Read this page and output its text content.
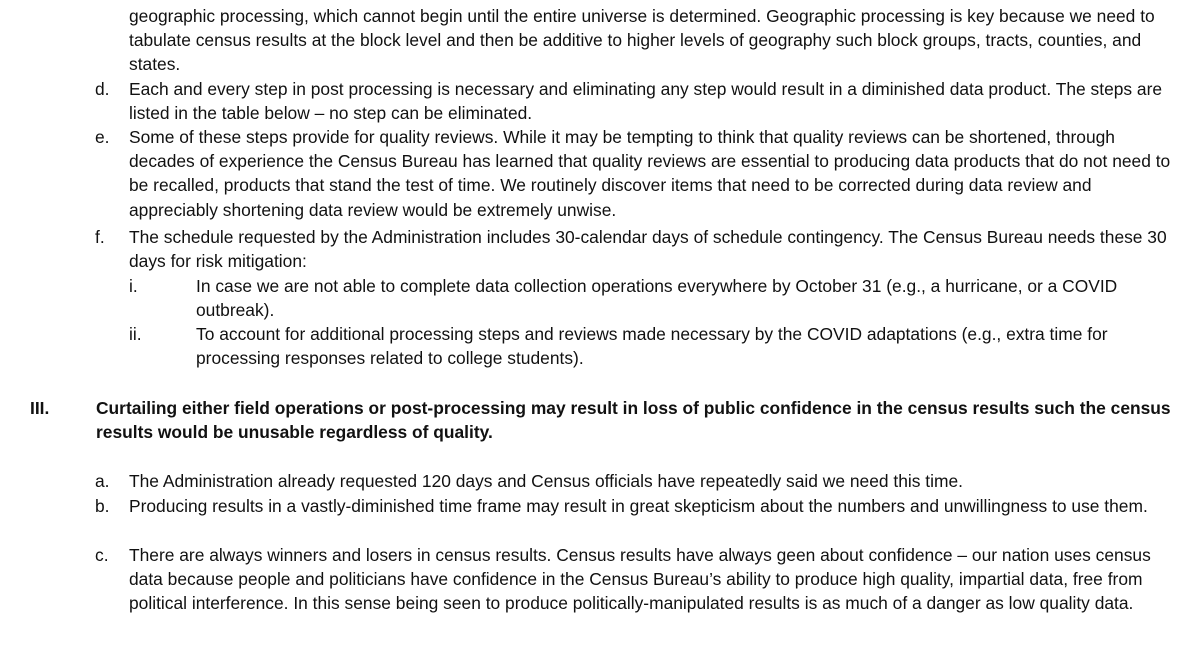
geographic processing, which cannot begin until the entire universe is determined. Geographic processing is key because we need to tabulate census results at the block level and then be additive to higher levels of geography such block groups, tracts, counties, and states.
d. Each and every step in post processing is necessary and eliminating any step would result in a diminished data product. The steps are listed in the table below – no step can be eliminated.
e. Some of these steps provide for quality reviews. While it may be tempting to think that quality reviews can be shortened, through decades of experience the Census Bureau has learned that quality reviews are essential to producing data products that do not need to be recalled, products that stand the test of time. We routinely discover items that need to be corrected during data review and appreciably shortening data review would be extremely unwise.
f. The schedule requested by the Administration includes 30-calendar days of schedule contingency. The Census Bureau needs these 30 days for risk mitigation:
i.	In case we are not able to complete data collection operations everywhere by October 31 (e.g., a hurricane, or a COVID outbreak).
ii.	To account for additional processing steps and reviews made necessary by the COVID adaptations (e.g., extra time for processing responses related to college students).
III.	Curtailing either field operations or post-processing may result in loss of public confidence in the census results such the census results would be unusable regardless of quality.
a. The Administration already requested 120 days and Census officials have repeatedly said we need this time.
b. Producing results in a vastly-diminished time frame may result in great skepticism about the numbers and unwillingness to use them.
c. There are always winners and losers in census results. Census results have always geen about confidence – our nation uses census data because people and politicians have confidence in the Census Bureau’s ability to produce high quality, impartial data, free from political interference. In this sense being seen to produce politically-manipulated results is as much of a danger as low quality data.
